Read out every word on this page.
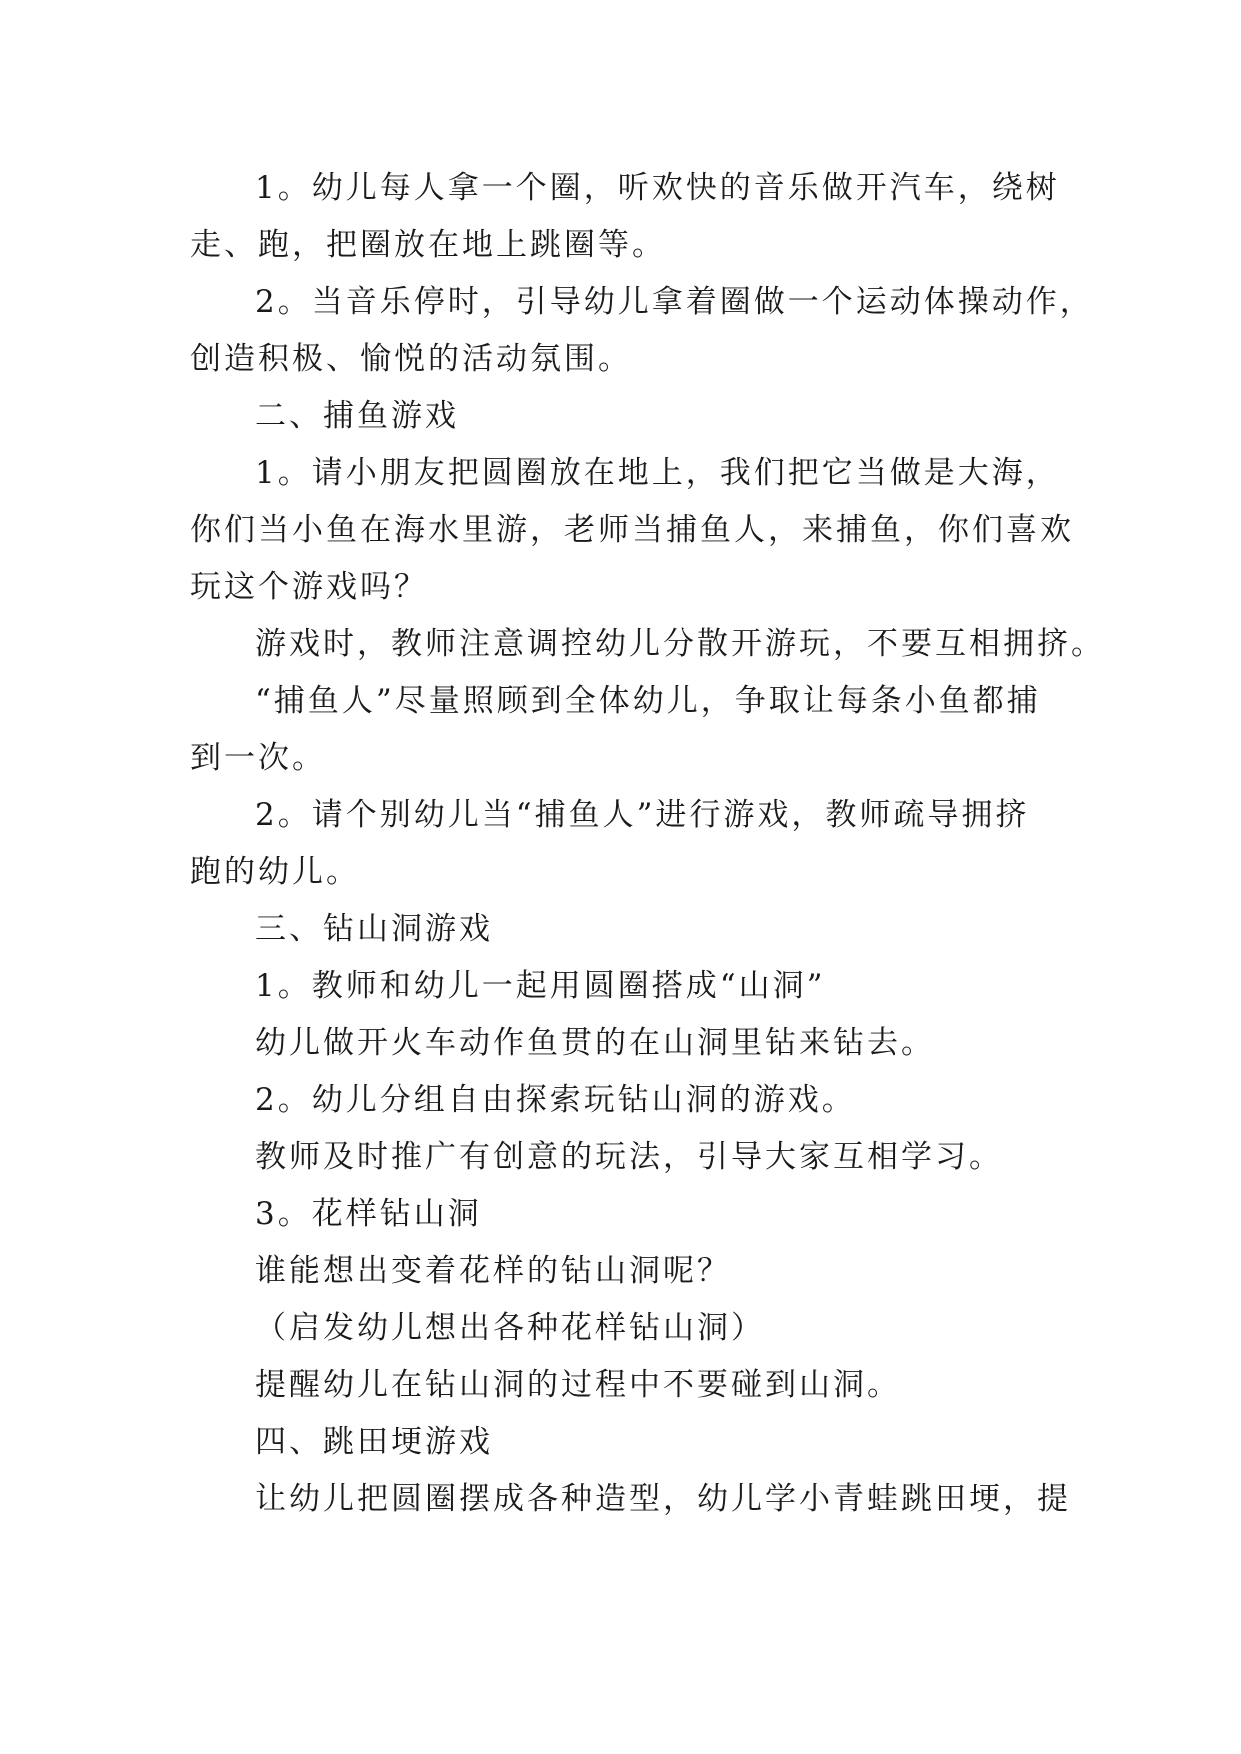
1。幼儿每人拿一个圈，听欢快的音乐做开汽车，绕树
走、跑，把圈放在地上跳圈等。
2。当音乐停时，引导幼儿拿着圈做一个运动体操动作，
创造积极、愉悦的活动氛围。
二、捕鱼游戏
1。请小朋友把圆圈放在地上，我们把它当做是大海，
你们当小鱼在海水里游，老师当捕鱼人，来捕鱼，你们喜欢
玩这个游戏吗？
游戏时，教师注意调控幼儿分散开游玩，不要互相拥挤。
“捕鱼人”尽量照顾到全体幼儿，争取让每条小鱼都捕
到一次。
2。请个别幼儿当“捕鱼人”进行游戏，教师疏导拥挤
跑的幼儿。
三、钻山洞游戏
1。教师和幼儿一起用圆圈搭成“山洞”
幼儿做开火车动作鱼贯的在山洞里钻来钻去。
2。幼儿分组自由探索玩钻山洞的游戏。
教师及时推广有创意的玩法，引导大家互相学习。
3。花样钻山洞
谁能想出变着花样的钻山洞呢？
（启发幼儿想出各种花样钻山洞）
提醒幼儿在钻山洞的过程中不要碰到山洞。
四、跳田埂游戏
让幼儿把圆圈摆成各种造型，幼儿学小青蛙跳田埂，提
